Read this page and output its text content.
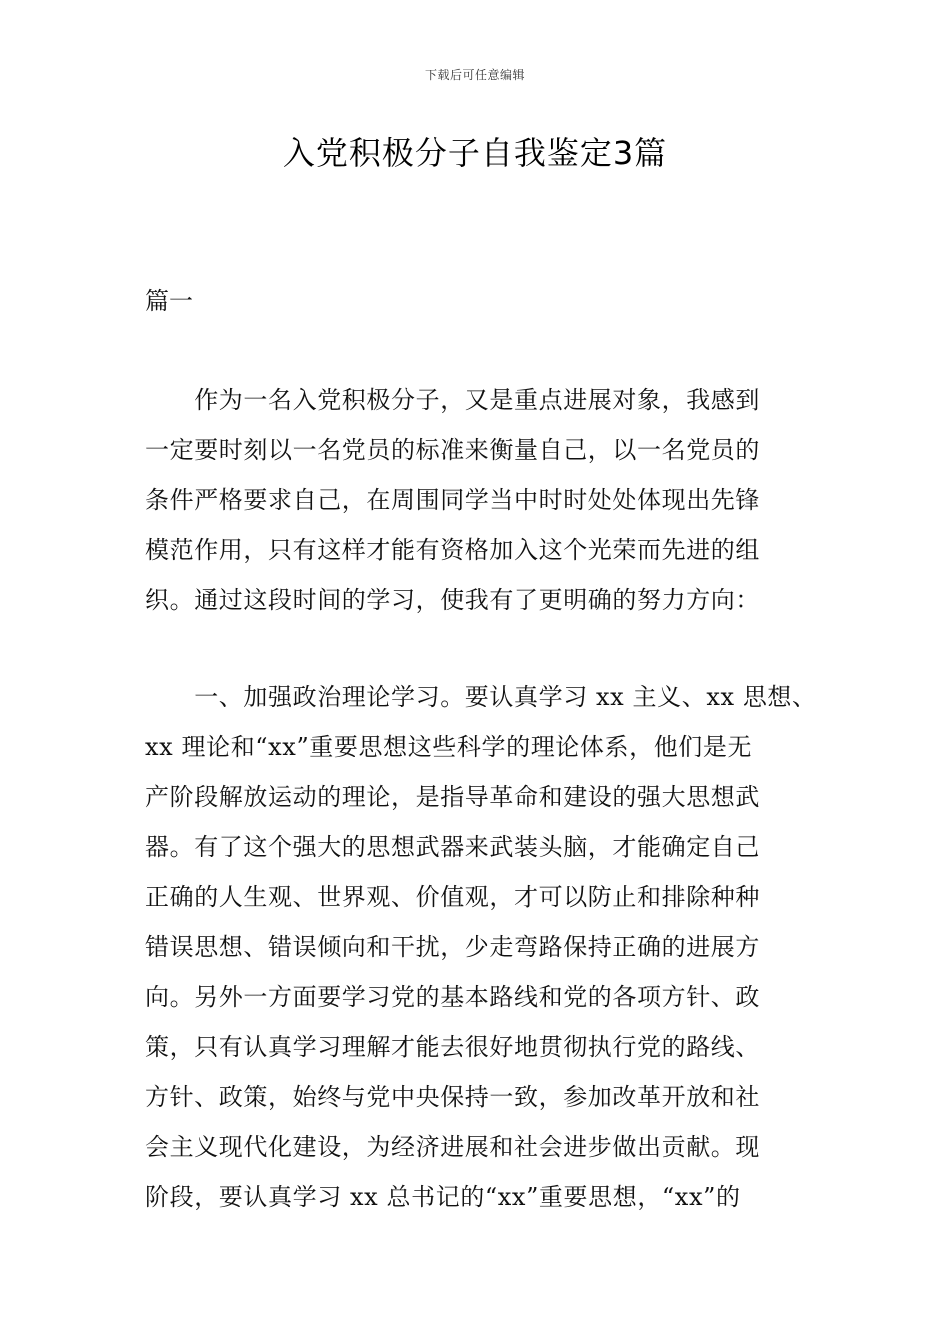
下载后可任意编辑
入党积极分子自我鉴定3篇
篇一
　　作为一名入党积极分子，又是重点进展对象，我感到
一定要时刻以一名党员的标准来衡量自己，以一名党员的
条件严格要求自己，在周围同学当中时时处处体现出先锋
模范作用，只有这样才能有资格加入这个光荣而先进的组
织。通过这段时间的学习，使我有了更明确的努力方向：
　　一、加强政治理论学习。要认真学习 xx 主义、xx 思想、
xx 理论和“xx”重要思想这些科学的理论体系，他们是无
产阶段解放运动的理论，是指导革命和建设的强大思想武
器。有了这个强大的思想武器来武装头脑，才能确定自己
正确的人生观、世界观、价值观，才可以防止和排除种种
错误思想、错误倾向和干扰，少走弯路保持正确的进展方
向。另外一方面要学习党的基本路线和党的各项方针、政
策，只有认真学习理解才能去很好地贯彻执行党的路线、
方针、政策，始终与党中央保持一致，参加改革开放和社
会主义现代化建设，为经济进展和社会进步做出贡献。现
阶段，要认真学习 xx 总书记的“xx”重要思想，“xx”的
